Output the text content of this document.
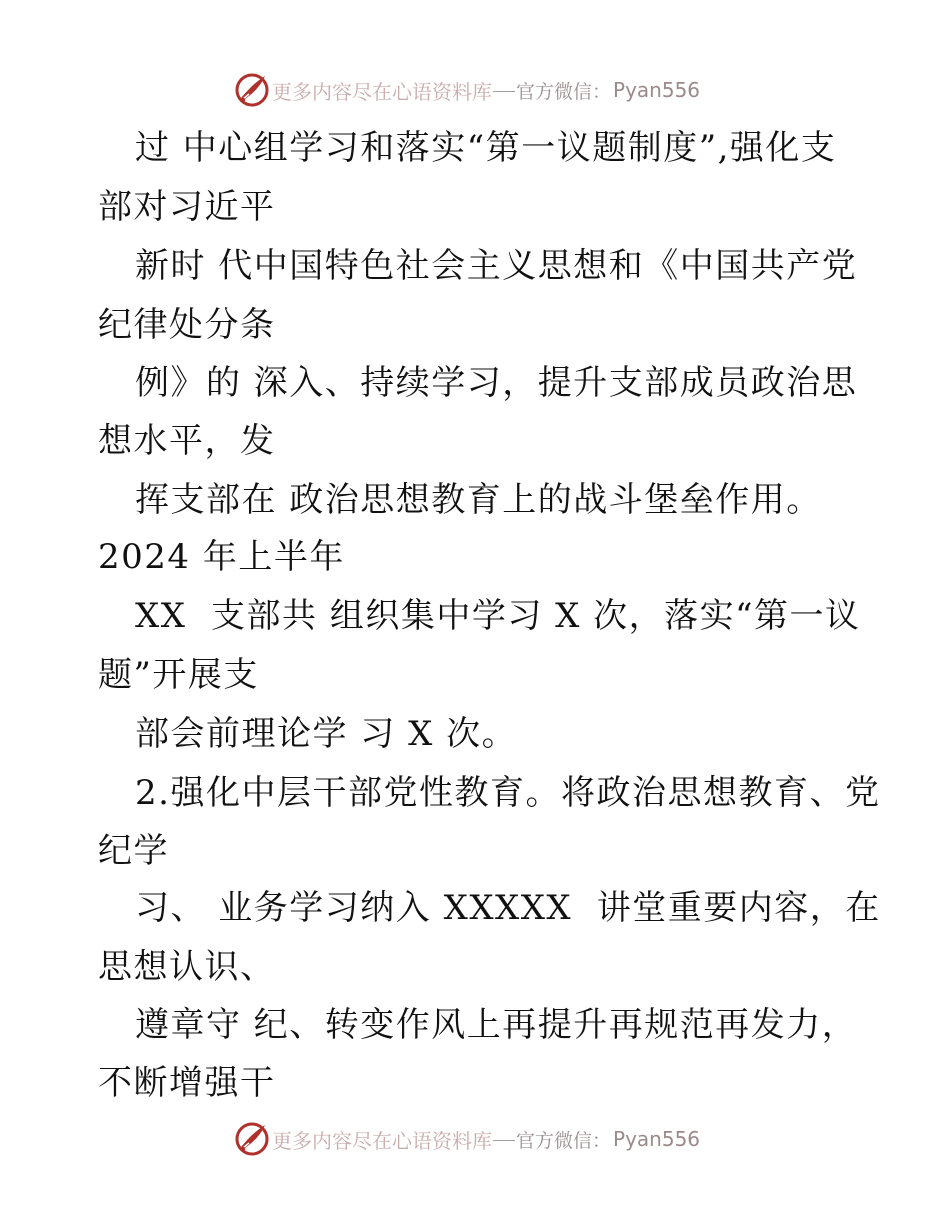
更多内容尽在心语资料库 官方微信： Pyan556
过 中心组学习和落实“第一议题制度”,强化支
部对习近平
新时 代中国特色社会主义思想和《中国共产党
纪律处分条
例》的 深入、持续学习，提升支部成员政治思
想水平，发
挥支部在 政治思想教育上的战斗堡垒作用。
2024 年上半年
XX  支部共 组织集中学习 X 次，落实“第一议
题”开展支
部会前理论学 习 X 次。
2.强化中层干部党性教育。将政治思想教育、党
纪学
习、 业务学习纳入 XXXXX  讲堂重要内容，在
思想认识、
遵章守 纪、转变作风上再提升再规范再发力，
不断增强干
更多内容尽在心语资料库 官方微信： Pyan556
